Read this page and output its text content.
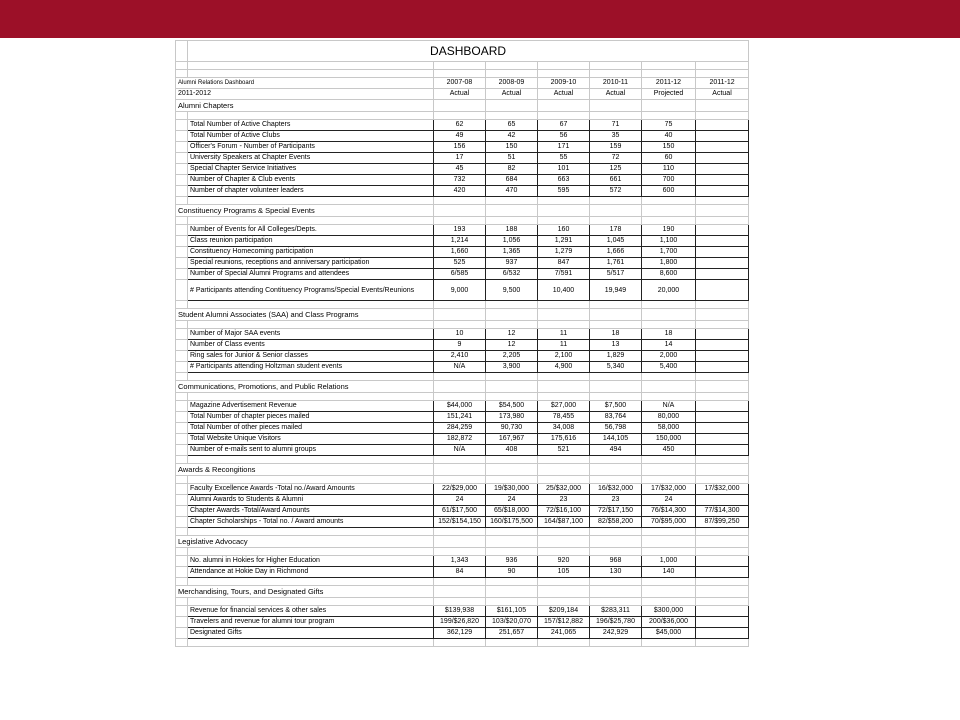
	DASHBOARD						

Alumni Relations Dashboard		2007-08	2008-09	2009-10	2010-11	2011-12	2011-12
2011-2012		Actual	Actual	Actual	Actual	Projected	Actual
Alumni Chapters							

	Total Number of Active Chapters	62	65	67	71	75	
	Total Number of Active Clubs	49	42	56	35	40	
	Officer's Forum - Number of Participants	156	150	171	159	150	
	University Speakers at Chapter Events	17	51	55	72	60	
	Special Chapter Service Initiatives	45	82	101	125	110	
	Number of Chapter & Club events	732	684	663	661	700	
	Number of chapter volunteer leaders	420	470	595	572	600	

Constituency Programs & Special Events							

	Number of Events for All Colleges/Depts.	193	188	160	178	190	
	Class reunion participation	1,214	1,056	1,291	1,045	1,100	
	Constituency Homecoming participation	1,660	1,365	1,279	1,666	1,700	
	Special reunions, receptions and anniversary participation	525	937	847	1,761	1,800	
	Number of Special Alumni Programs and attendees	6/585	6/532	7/591	5/517	8,600	
	# Participants attending Contituency Programs/Special Events/Reunions	9,000	9,500	10,400	19,949	20,000	

Student Alumni Associates (SAA) and Class Programs							

	Number of Major SAA events	10	12	11	18	18	
	Number of Class events	9	12	11	13	14	
	Ring sales for Junior & Senior classes	2,410	2,205	2,100	1,829	2,000	
	# Participants attending Holtzman student events	N/A	3,900	4,900	5,340	5,400	

Communications, Promotions, and Public Relations							

	Magazine Advertisement Revenue	$44,000	$54,500	$27,000	$7,500	N/A	
	Total Number of chapter pieces mailed	151,241	173,980	78,455	83,764	80,000	
	Total Number of other pieces mailed	284,259	90,730	34,008	56,798	58,000	
	Total Website Unique Visitors	182,872	167,967	175,616	144,105	150,000	
	Number of e-mails sent to alumni groups	N/A	408	521	494	450	

Awards & Recongitions							

	Faculty Excellence Awards -Total no./Award Amounts	22/$29,000	19/$30,000	25/$32,000	16/$32,000	17/$32,000	17/$32,000
	Alumni Awards to Students & Alumni	24	24	23	23	24	
	Chapter Awards -Total/Award Amounts	61/$17,500	65/$18,000	72/$16,100	72/$17,150	76/$14,300	77/$14,300
	Chapter Scholarships - Total no. / Award amounts	152/$154,150	160/$175,500	164/$87,100	82/$58,200	70/$95,000	87/$99,250

Legislative Advocacy							

	No. alumni in Hokies for Higher Education	1,343	936	920	968	1,000	
	Attendance at Hokie Day in Richmond	84	90	105	130	140	

Merchandising, Tours, and Designated Gifts							

	Revenue for financial services & other sales	$139,938	$161,105	$209,184	$283,311	$300,000	
	Travelers and revenue for alumni tour program	199/$26,820	103/$20,070	157/$12,882	196/$25,780	200/$36,000	
	Designated Gifts	362,129	251,657	241,065	242,929	$45,000	
